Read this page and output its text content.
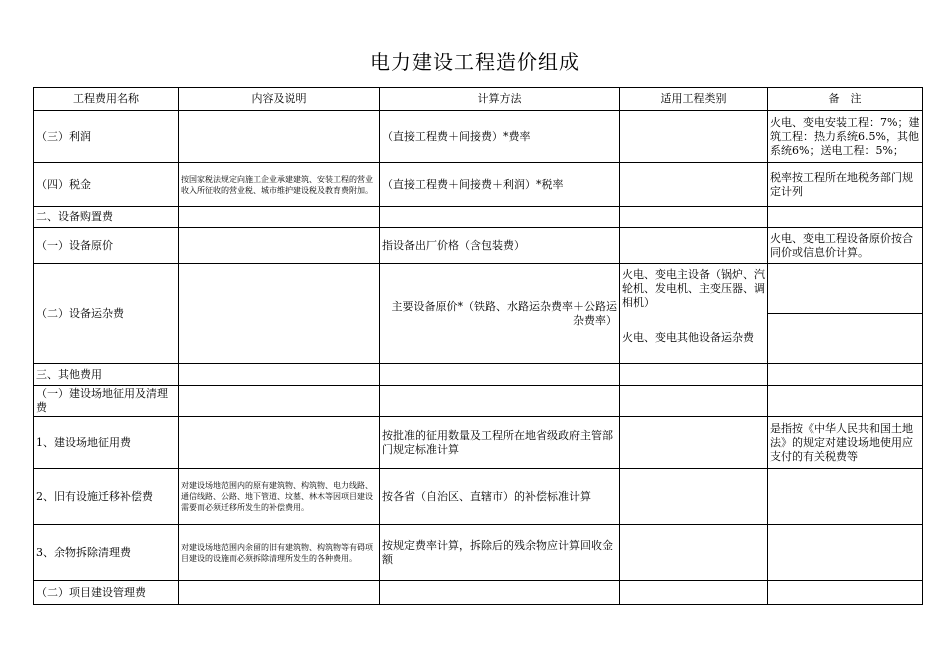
电力建设工程造价组成
工程费用名称	内容及说明	计算方法	适用工程类别	备　注
（三）利润		（直接工程费＋间接费）*费率		火电、变电安装工程：7%；建筑工程：热力系统6.5%，其他系统6%；送电工程：5%；
（四）税金	按国家税法规定向施工企业承建建筑、安装工程的营业收入所征收的营业税、城市维护建设税及教育费附加。	（直接工程费＋间接费＋利润）*税率		税率按工程所在地税务部门规定计列
二、设备购置费				
（一）设备原价		指设备出厂价格（含包装费）		火电、变电工程设备原价按合同价或信息价计算。
（二）设备运杂费		主要设备原价*（铁路、水路运杂费率＋公路运杂费率）	火电、变电主设备（锅炉、汽轮机、发电机、主变压器、调相机）	
			火电、变电其他设备运杂费	
三、其他费用				
（一）建设场地征用及清理费				
1、建设场地征用费		按批准的征用数量及工程所在地省级政府主管部门规定标准计算		是指按《中华人民共和国土地法》的规定对建设场地使用应支付的有关税费等
2、旧有设施迁移补偿费	对建设场地范围内的原有建筑物、构筑物、电力线路、通信线路、公路、地下管道、坟墓、林木等因项目建设需要而必须迁移所发生的补偿费用。	按各省（自治区、直辖市）的补偿标准计算		
3、余物拆除清理费	对建设场地范围内余留的旧有建筑物、构筑物等有碍项目建设的设施而必须拆除清理所发生的各种费用。	按规定费率计算，拆除后的残余物应计算回收金额		
（二）项目建设管理费				
